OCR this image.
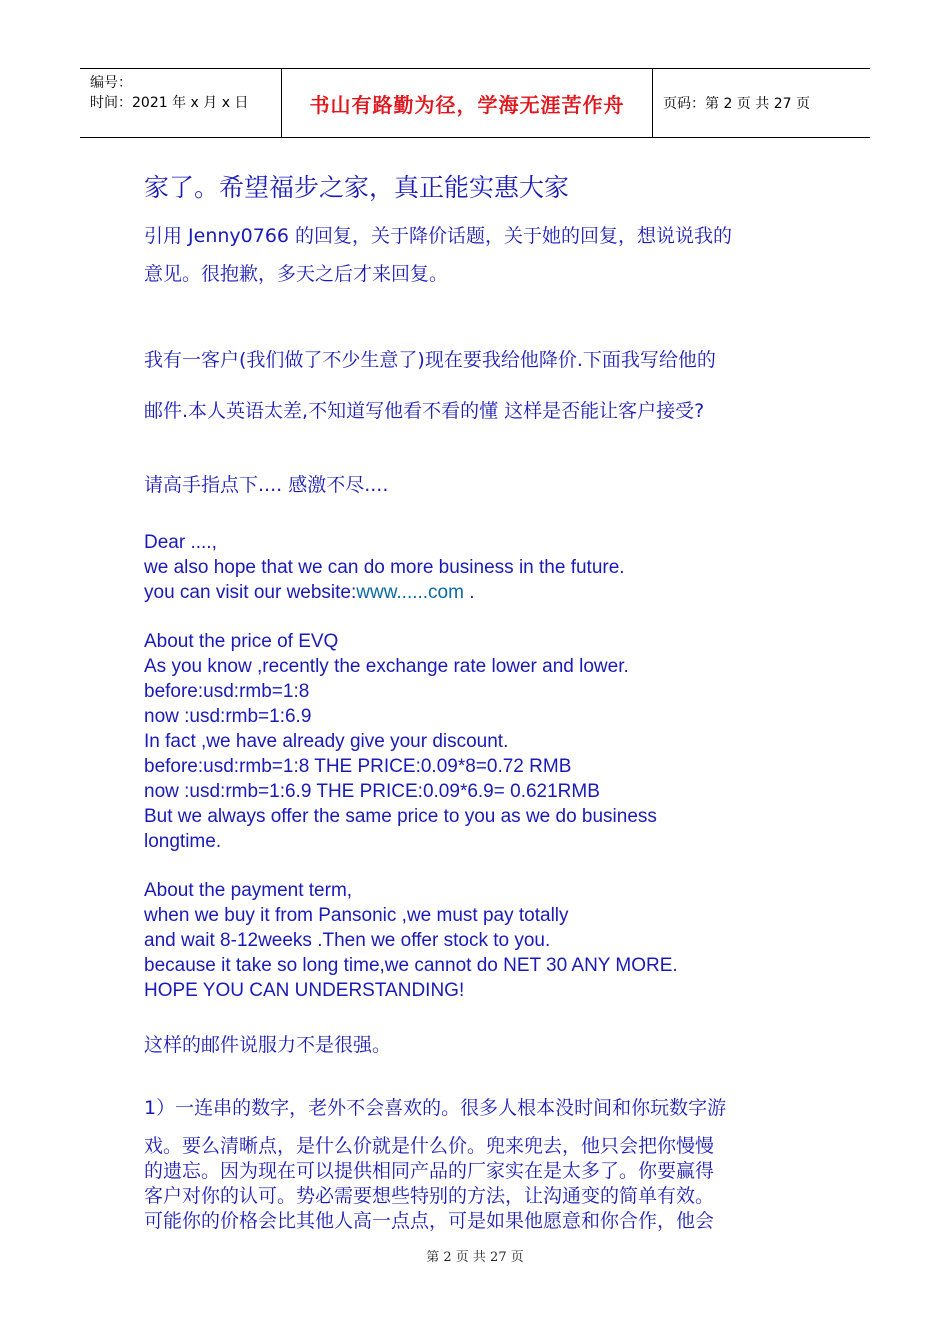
编号：
时间：2021 年 x 月 x 日	书山有路勤为径，学海无涯苦作舟	页码：第 2 页 共 27 页
家了。希望福步之家，真正能实惠大家
引用 Jenny0766 的回复，关于降价话题，关于她的回复，想说说我的
意见。很抱歉，多天之后才来回复。
我有一客户(我们做了不少生意了)现在要我给他降价.下面我写给他的
邮件.本人英语太差,不知道写他看不看的懂 这样是否能让客户接受?
请高手指点下.... 感激不尽....
Dear ....,
we also hope that we can do more business in the future.
you can visit our website:www......com .
About the price of EVQ
As you know ,recently the exchange rate lower and lower.
before:usd:rmb=1:8
now :usd:rmb=1:6.9
In fact ,we have already give your discount.
before:usd:rmb=1:8 THE PRICE:0.09*8=0.72 RMB
now :usd:rmb=1:6.9 THE PRICE:0.09*6.9= 0.621RMB
But we always offer the same price to you as we do business
longtime.
About the payment term,
when we buy it from Pansonic ,we must pay totally
and wait 8-12weeks .Then we offer stock to you.
because it take so long time,we cannot do NET 30 ANY MORE.
HOPE YOU CAN UNDERSTANDING!
这样的邮件说服力不是很强。
1）一连串的数字，老外不会喜欢的。很多人根本没时间和你玩数字游
戏。要么清晰点，是什么价就是什么价。兜来兜去，他只会把你慢慢
的遗忘。因为现在可以提供相同产品的厂家实在是太多了。你要赢得
客户对你的认可。势必需要想些特别的方法，让沟通变的简单有效。
可能你的价格会比其他人高一点点，可是如果他愿意和你合作，他会
第 2 页 共 27 页
